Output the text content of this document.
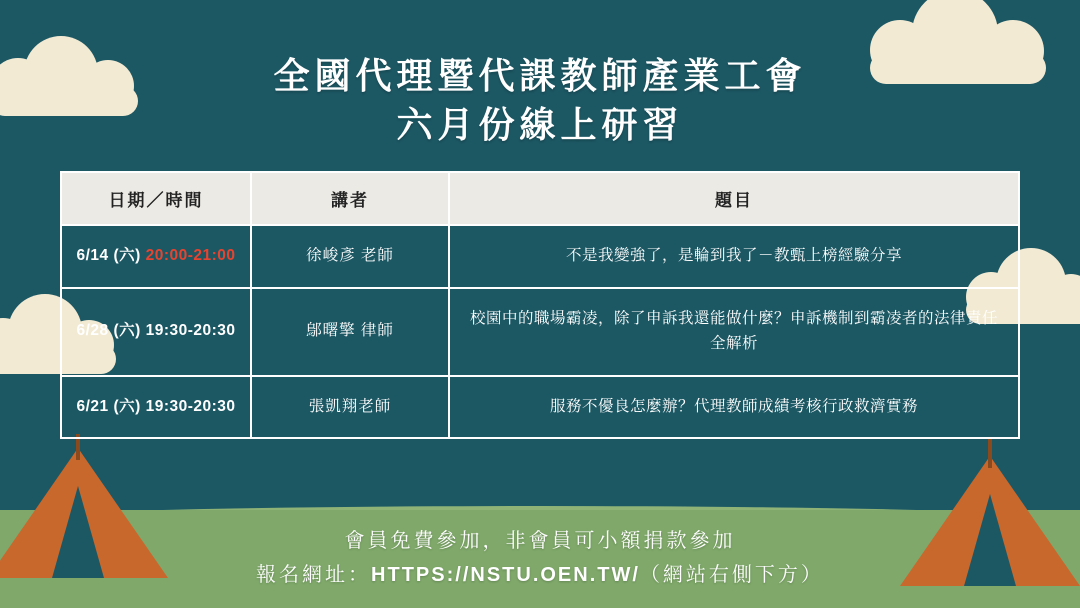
全國代理暨代課教師產業工會
六月份線上研習
日期／時間	講者	題目
6/14 (六) 20:00-21:00	徐峻彥 老師	不是我變強了，是輪到我了－教甄上榜經驗分享
6/28 (六) 19:30-20:30	鄔曙擎 律師	校園中的職場霸凌，除了申訴我還能做什麼？申訴機制到霸凌者的法律責任全解析
6/21 (六) 19:30-20:30	張凱翔老師	服務不優良怎麼辦？代理教師成績考核行政救濟實務
會員免費參加，非會員可小額捐款參加
報名網址：HTTPS://NSTU.OEN.TW/（網站右側下方）
